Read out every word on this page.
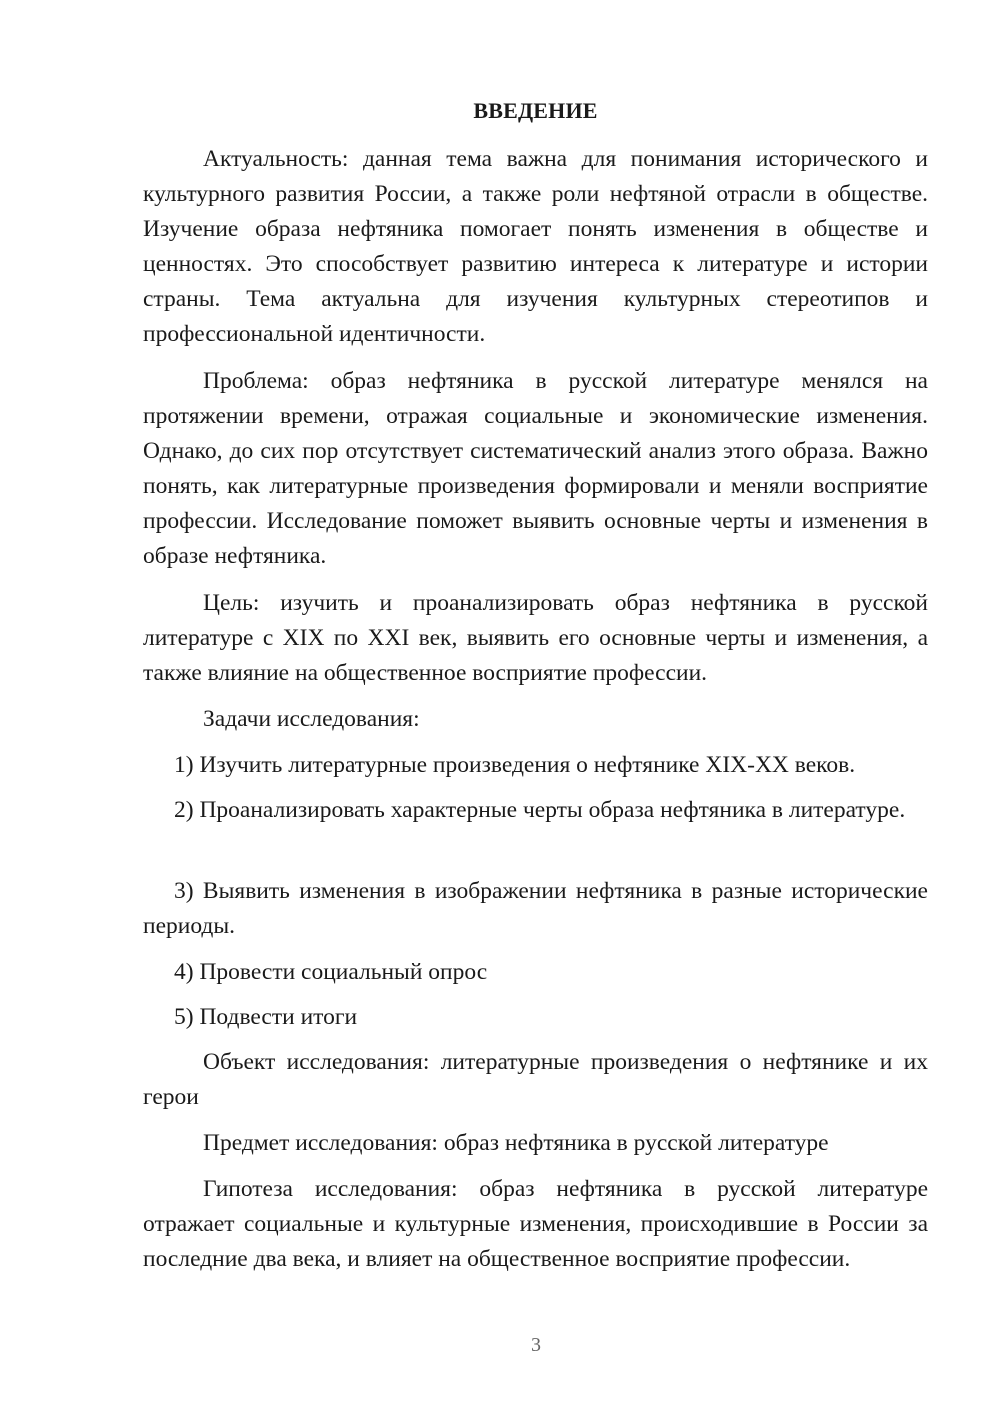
ВВЕДЕНИЕ

Актуальность: данная тема важна для понимания исторического и культурного развития России, а также роли нефтяной отрасли в обществе. Изучение образа нефтяника помогает понять изменения в обществе и ценностях. Это способствует развитию интереса к литературе и истории страны. Тема актуальна для изучения культурных стереотипов и профессиональной идентичности.

Проблема: образ нефтяника в русской литературе менялся на протяжении времени, отражая социальные и экономические изменения. Однако, до сих пор отсутствует систематический анализ этого образа. Важно понять, как литературные произведения формировали и меняли восприятие профессии. Исследование поможет выявить основные черты и изменения в образе нефтяника.

Цель: изучить и проанализировать образ нефтяника в русской литературе с XIX по XXI век, выявить его основные черты и изменения, а также влияние на общественное восприятие профессии.

Задачи исследования:

1) Изучить литературные произведения о нефтянике XIX-XX веков.

2) Проанализировать характерные черты образа нефтяника в литературе.

3) Выявить изменения в изображении нефтяника в разные исторические периоды.

4) Провести социальный опрос

5) Подвести итоги

Объект исследования: литературные произведения о нефтянике и их герои

Предмет исследования: образ нефтяника в русской литературе

Гипотеза исследования: образ нефтяника в русской литературе отражает социальные и культурные изменения, происходившие в России за последние два века, и влияет на общественное восприятие профессии.

3
